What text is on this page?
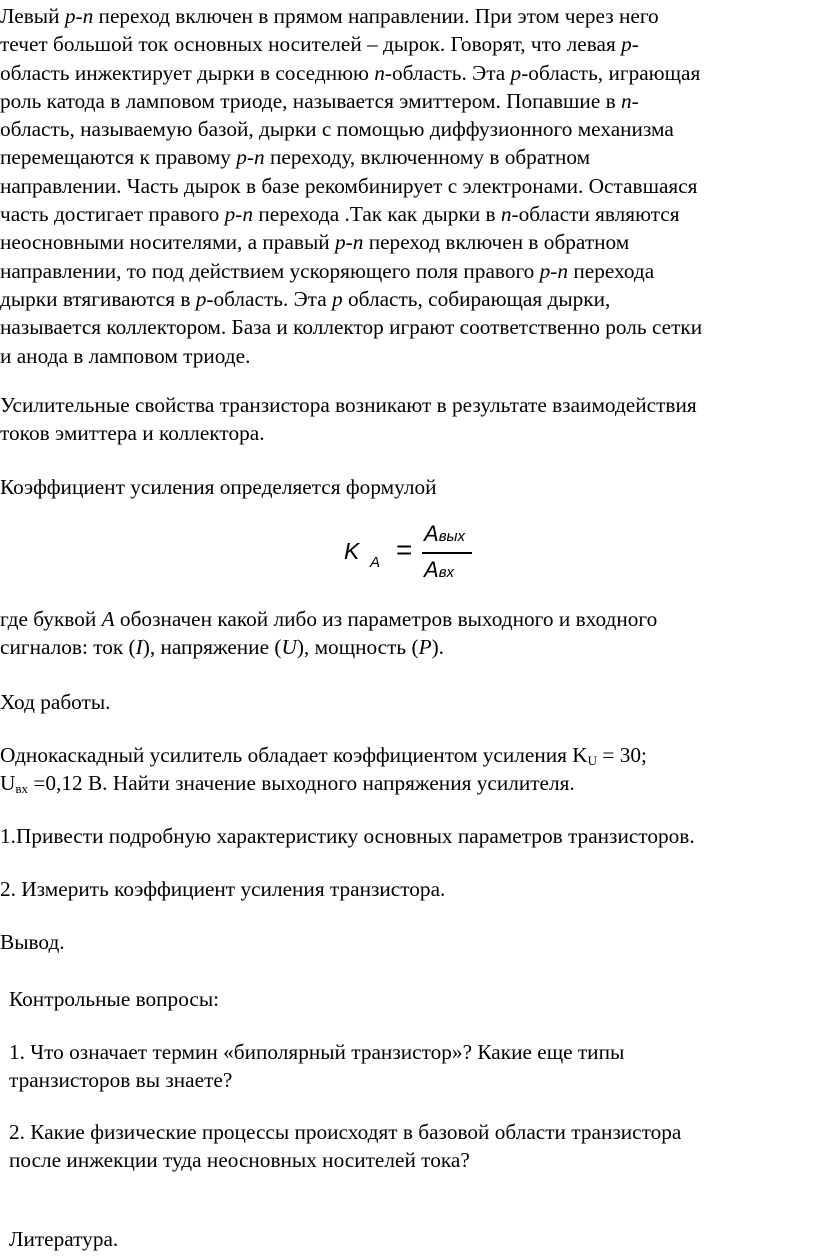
Левый p-n переход включен в прямом направлении. При этом через него
течет большой ток основных носителей – дырок. Говорят, что левая p-
область инжектирует дырки в соседнюю n-область. Эта p-область, играющая
роль катода в ламповом триоде, называется эмиттером. Попавшие в n-
область, называемую базой, дырки с помощью диффузионного механизма
перемещаются к правому p-n переходу, включенному в обратном
направлении. Часть дырок в базе рекомбинирует с электронами. Оставшаяся
часть достигает правого p-n перехода .Так как дырки в n-области являются
неосновными носителями, а правый p-n переход включен в обратном
направлении, то под действием ускоряющего поля правого p-n перехода
дырки втягиваются в p-область. Эта p область, собирающая дырки,
называется коллектором. База и коллектор играют соответственно роль сетки
и анода в ламповом триоде.
Усилительные свойства транзистора возникают в результате взаимодействия
токов эмиттера и коллектора.
Коэффициент усиления определяется формулой
K A =
Aвых
Aвх
где буквой A обозначен какой либо из параметров выходного и входного
сигналов: ток (I), напряжение (U), мощность (P).
Ход работы.
Однокаскадный усилитель обладает коэффициентом усиления $K_U = 30$;
$U_{вх} =0,12$ В. Найти значение выходного напряжения усилителя.
1.Привести подробную характеристику основных параметров транзисторов.
2. Измерить коэффициент усиления транзистора.
Вывод.
Контрольные вопросы:
1. Что означает термин «биполярный транзистор»? Какие еще типы
транзисторов вы знаете?
2. Какие физические процессы происходят в базовой области транзистора
после инжекции туда неосновных носителей тока?
Литература.
